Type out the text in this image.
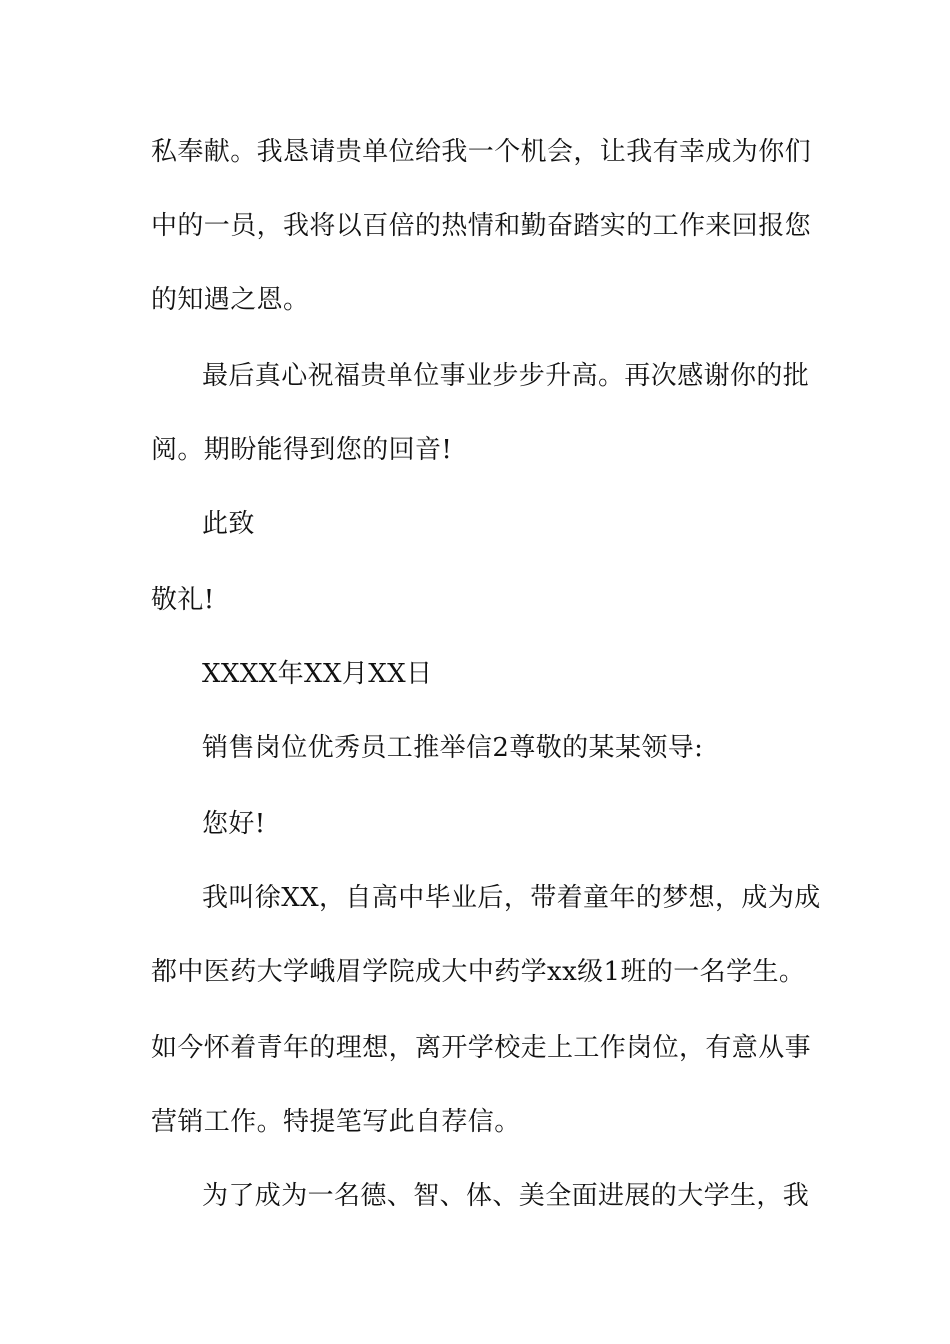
私奉献。我恳请贵单位给我一个机会，让我有幸成为你们
中的一员，我将以百倍的热情和勤奋踏实的工作来回报您
的知遇之恩。
最后真心祝福贵单位事业步步升高。再次感谢你的批
阅。期盼能得到您的回音!
此致
敬礼!
XXXX年XX月XX日
销售岗位优秀员工推举信2尊敬的某某领导:
您好!
我叫徐XX，自高中毕业后，带着童年的梦想，成为成
都中医药大学峨眉学院成大中药学xx级1班的一名学生。
如今怀着青年的理想，离开学校走上工作岗位，有意从事
营销工作。特提笔写此自荐信。
为了成为一名德、智、体、美全面进展的大学生，我
